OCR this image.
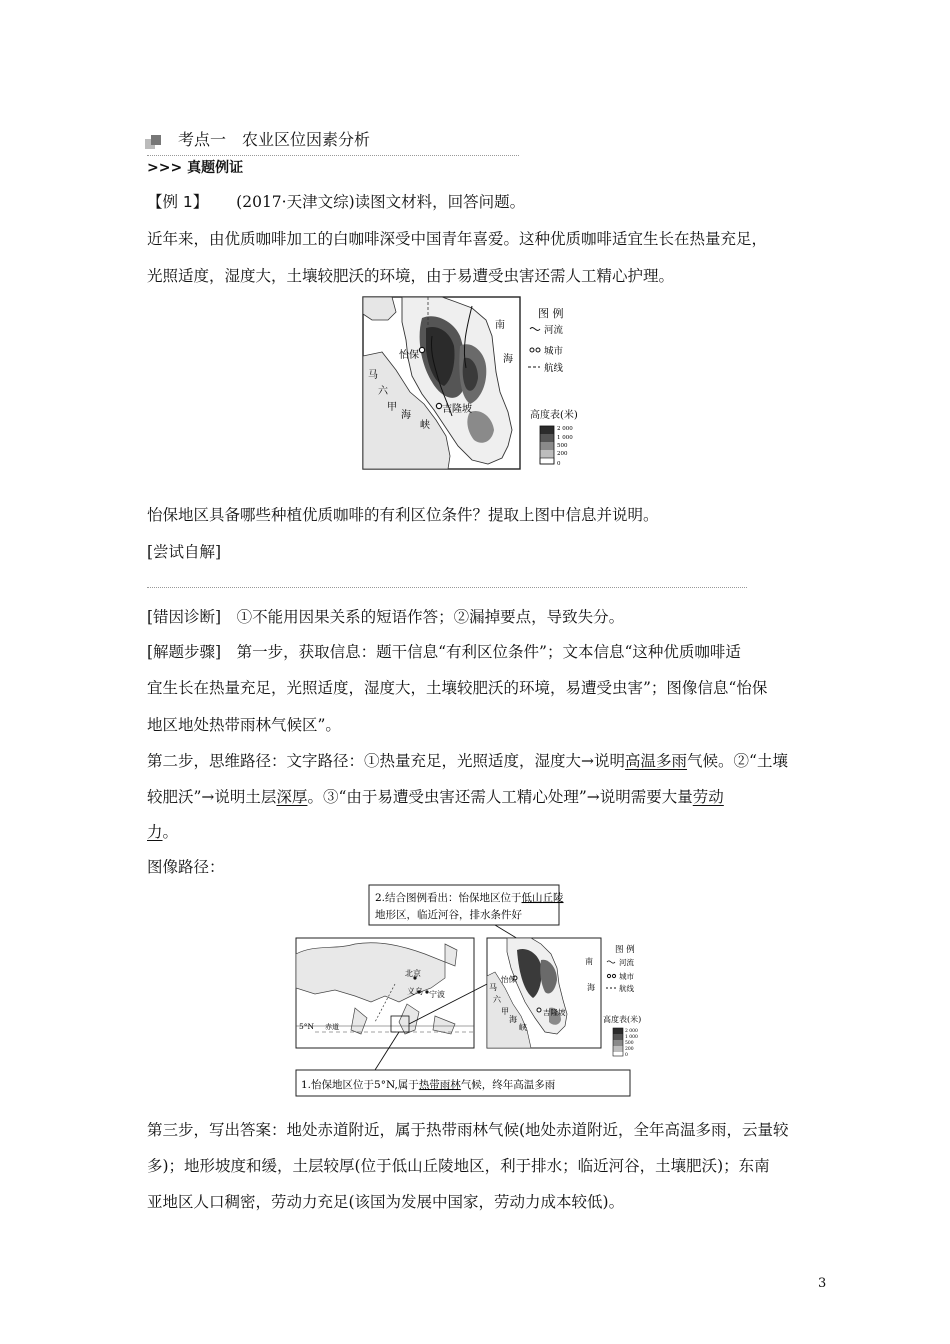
考点一　农业区位因素分析
>>> 真题例证
【例 1】 (2017·天津文综)读图文材料，回答问题。
近年来，由优质咖啡加工的白咖啡深受中国青年喜爱。这种优质咖啡适宜生长在热量充足，
光照适度，湿度大，土壤较肥沃的环境，由于易遭受虫害还需人工精心护理。
怡保
吉隆坡
南
海
马
六
甲
海
峡
图 例
河流
城市
航线
高度表(米)
2 000
1 000
500
200
0
怡保地区具备哪些种植优质咖啡的有利区位条件？提取上图中信息并说明。
[尝试自解]
[错因诊断]　①不能用因果关系的短语作答；②漏掉要点，导致失分。
[解题步骤]　第一步，获取信息：题干信息“有利区位条件”；文本信息“这种优质咖啡适
宜生长在热量充足，光照适度，湿度大，土壤较肥沃的环境，易遭受虫害”；图像信息“怡保
地区地处热带雨林气候区”。
第二步，思维路径：文字路径：①热量充足，光照适度，湿度大→说明高温多雨气候。②“土壤
较肥沃”→说明土层深厚。③“由于易遭受虫害还需人工精心处理”→说明需要大量劳动
力。
图像路径：
2.结合图例看出：怡保地区位于低山丘陵
地形区，临近河谷，排水条件好
北京
义乌 宁波
5°N 赤道
怡保
吉隆坡
南
海
马
六
甲
海
峡
图 例
河流
城市
航线
高度表(米)
2 000
1 000
500
200
0
1.怡保地区位于5°N,属于热带雨林气候，终年高温多雨
第三步，写出答案：地处赤道附近，属于热带雨林气候(地处赤道附近，全年高温多雨，云量较
多)；地形坡度和缓，土层较厚(位于低山丘陵地区，利于排水；临近河谷，土壤肥沃)；东南
亚地区人口稠密，劳动力充足(该国为发展中国家，劳动力成本较低)。
3
